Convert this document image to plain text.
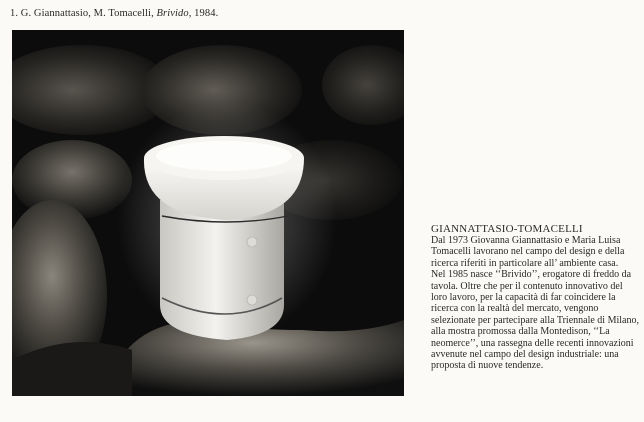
1. G. Giannattasio, M. Tomacelli, Brivido, 1984.
GIANNATTASIO-TOMACELLI

Dal 1973 Giovanna Giannattasio e Maria Luisa Tomacelli lavorano nel campo del design e della ricerca riferiti in particolare all’ ambiente casa.

Nel 1985 nasce ‘‘Brivido’’, erogatore di freddo da tavola. Oltre che per il contenuto innovativo del loro lavoro, per la capacità di far coincidere la ricerca con la realtà del mercato, vengono selezionate per partecipare alla Triennale di Milano, alla mostra promossa dalla Montedison, ‘‘La neomerce’’, una rassegna delle recenti innovazioni avvenute nel campo del design industriale: una proposta di nuove tendenze.
